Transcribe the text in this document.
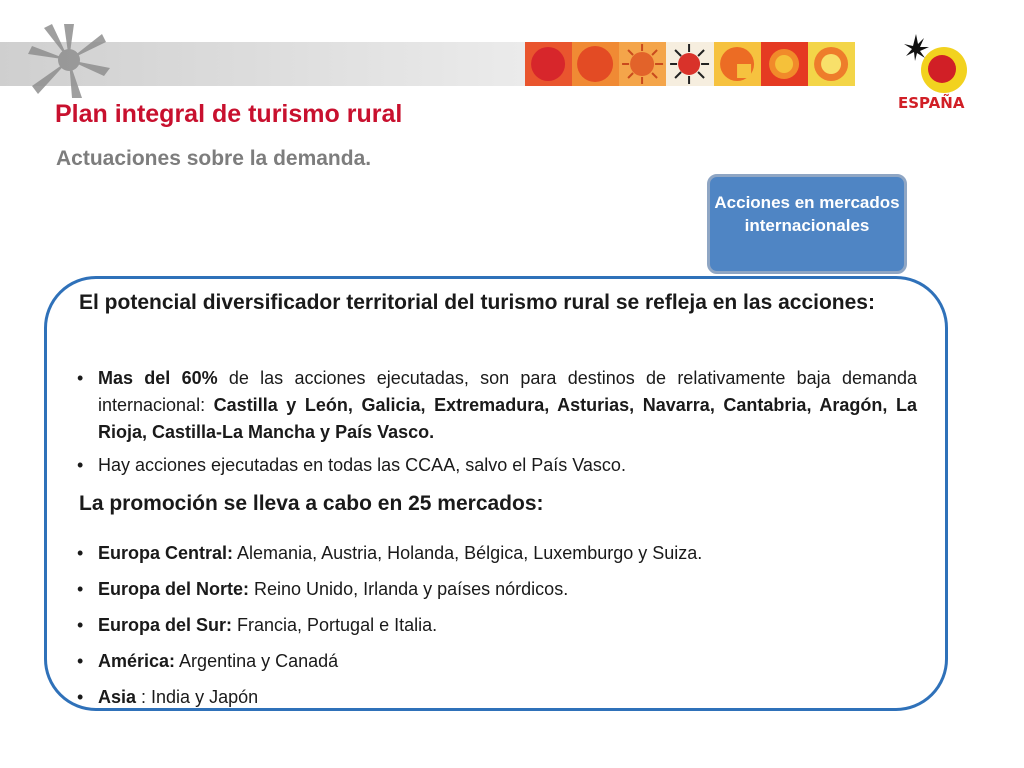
ESPAÑA
Plan integral de turismo rural
Actuaciones sobre la demanda.
Acciones en mercados internacionales

El potencial diversificador territorial del turismo rural se refleja en las acciones:

• Mas del 60% de las acciones ejecutadas, son para destinos de relativamente baja demanda internacional: Castilla y León, Galicia, Extremadura, Asturias, Navarra, Cantabria, Aragón, La Rioja, Castilla-La Mancha y País Vasco.
• Hay acciones ejecutadas en todas las CCAA, salvo el País Vasco.

La promoción se lleva a cabo en 25 mercados:

• Europa Central: Alemania, Austria, Holanda, Bélgica, Luxemburgo y Suiza.
• Europa del Norte: Reino Unido, Irlanda y países nórdicos.
• Europa del Sur: Francia, Portugal e Italia.
• América: Argentina y Canadá
• Asia : India y Japón
